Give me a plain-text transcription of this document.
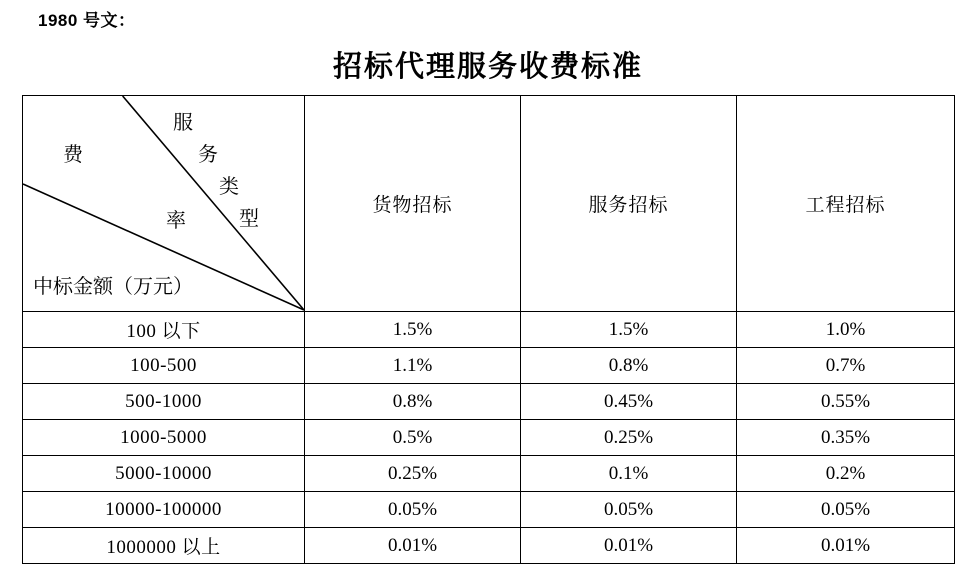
1980 号文：
招标代理服务收费标准
费
服
务
类
型
率
中标金额（万元）
	货物招标	服务招标	工程招标
100 以下	1.5%	1.5%	1.0%
100-500	1.1%	0.8%	0.7%
500-1000	0.8%	0.45%	0.55%
1000-5000	0.5%	0.25%	0.35%
5000-10000	0.25%	0.1%	0.2%
10000-100000	0.05%	0.05%	0.05%
1000000 以上	0.01%	0.01%	0.01%
